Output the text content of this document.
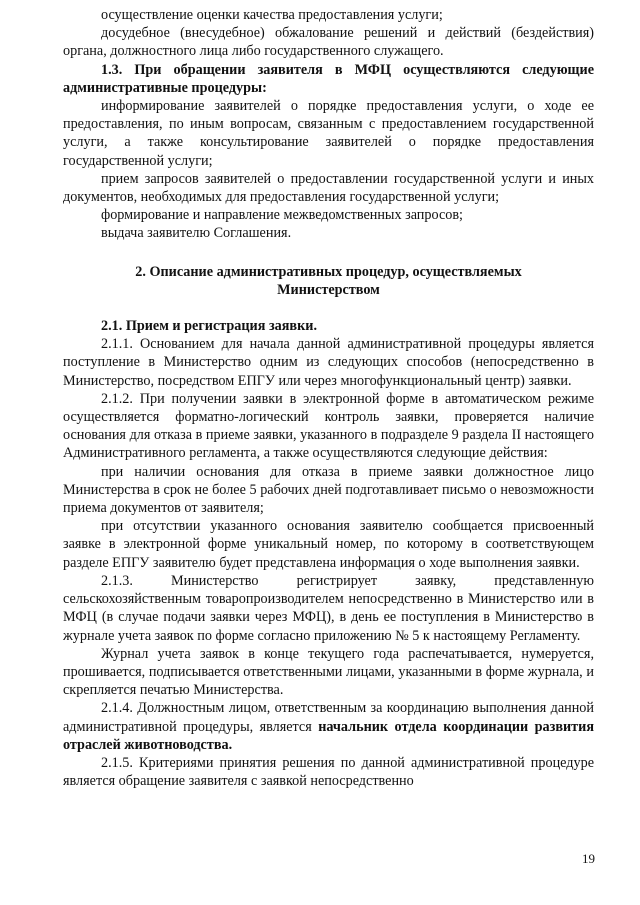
осуществление оценки качества предоставления услуги;

досудебное (внесудебное) обжалование решений и действий (бездействия) органа, должностного лица либо государственного служащего.

1.3. При обращении заявителя в МФЦ осуществляются следующие административные процедуры:

информирование заявителей о порядке предоставления услуги, о ходе ее предоставления, по иным вопросам, связанным с предоставлением государственной услуги, а также консультирование заявителей о порядке предоставления государственной услуги;

прием запросов заявителей о предоставлении государственной услуги и иных документов, необходимых для предоставления государственной услуги;

формирование и направление межведомственных запросов;

выдача заявителю Соглашения.

2. Описание административных процедур, осуществляемых

Министерством

2.1. Прием и регистрация заявки.

2.1.1. Основанием для начала данной административной процедуры является поступление в Министерство одним из следующих способов (непосредственно в Министерство, посредством ЕПГУ или через многофункциональный центр) заявки.

2.1.2. При получении заявки в электронной форме в автоматическом режиме осуществляется форматно-логический контроль заявки, проверяется наличие основания для отказа в приеме заявки, указанного в подразделе 9 раздела II настоящего Административного регламента, а также осуществляются следующие действия:

при наличии основания для отказа в приеме заявки должностное лицо Министерства в срок не более 5 рабочих дней подготавливает письмо о невозможности приема документов от заявителя;

при отсутствии указанного основания заявителю сообщается присвоенный заявке в электронной форме уникальный номер, по которому в соответствующем разделе ЕПГУ заявителю будет представлена информация о ходе выполнения заявки.

2.1.3. Министерство регистрирует заявку, представленную сельскохозяйственным товаропроизводителем непосредственно в Министерство или в МФЦ (в случае подачи заявки через МФЦ), в день ее поступления в Министерство в журнале учета заявок по форме согласно приложению № 5 к настоящему Регламенту.

Журнал учета заявок в конце текущего года распечатывается, нумеруется, прошивается, подписывается ответственными лицами, указанными в форме журнала, и скрепляется печатью Министерства.

2.1.4. Должностным лицом, ответственным за координацию выполнения данной административной процедуры, является начальник отдела координации развития отраслей животноводства.

2.1.5. Критериями принятия решения по данной административной процедуре является обращение заявителя с заявкой непосредственно

19
